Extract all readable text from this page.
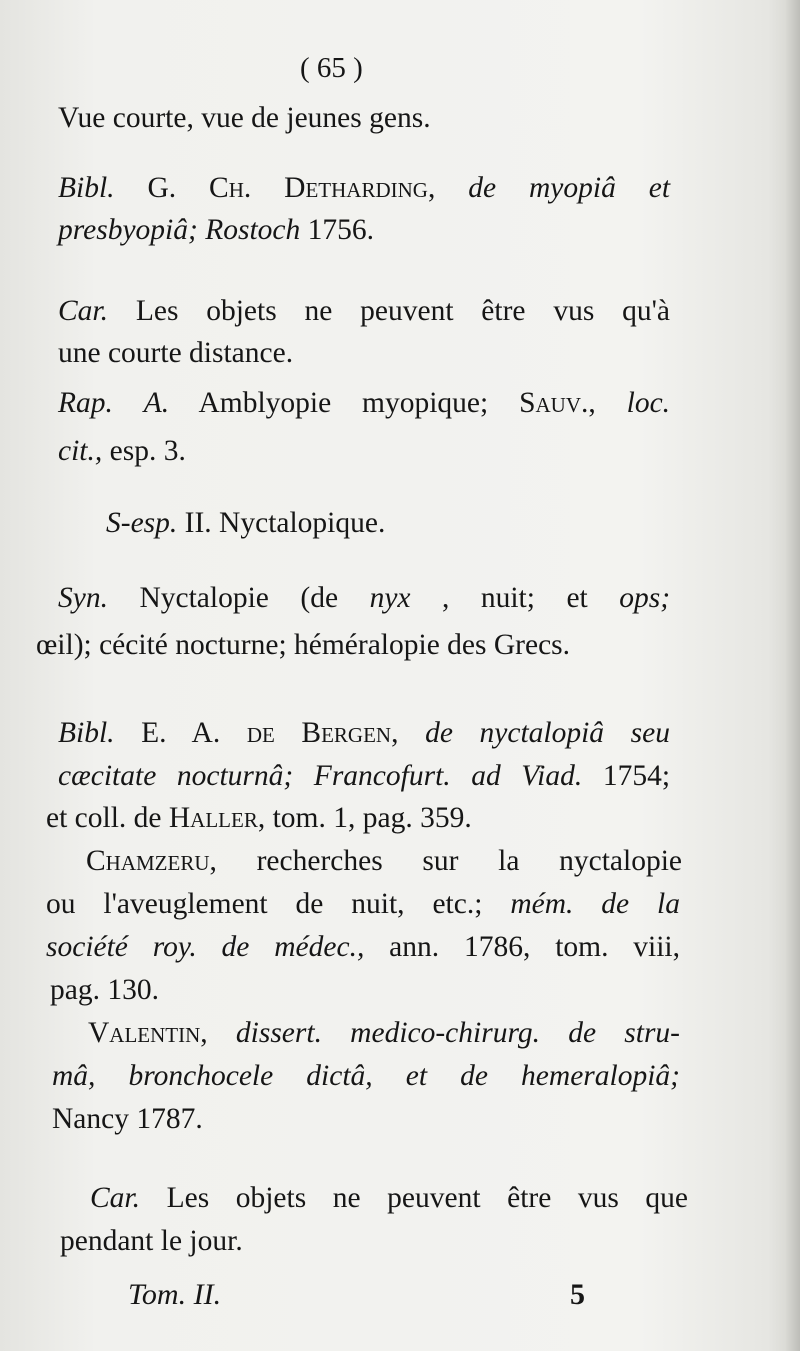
( 65 )
Vue courte, vue de jeunes gens.
Bibl. G. Ch. Detharding, de myopiâ et
presbyopiâ; Rostoch 1756.
Car. Les objets ne peuvent être vus qu'à
une courte distance.
Rap. A. Amblyopie myopique; Sauv., loc.
cit., esp. 3.
S-esp. II. Nyctalopique.
Syn. Nyctalopie (de nyx , nuit; et ops;
œil); cécité nocturne; héméralopie des Grecs.
Bibl. E. A. de Bergen, de nyctalopiâ seu
cæcitate nocturnâ; Francofurt. ad Viad. 1754;
et coll. de Haller, tom. 1, pag. 359.
Chamzeru, recherches sur la nyctalopie
ou l'aveuglement de nuit, etc.; mém. de la
société roy. de médec., ann. 1786, tom. viii,
pag. 130.
Valentin, dissert. medico-chirurg. de stru-
mâ, bronchocele dictâ, et de hemeralopiâ;
Nancy 1787.
Car. Les objets ne peuvent être vus que
pendant le jour.
Tom. II.	5
